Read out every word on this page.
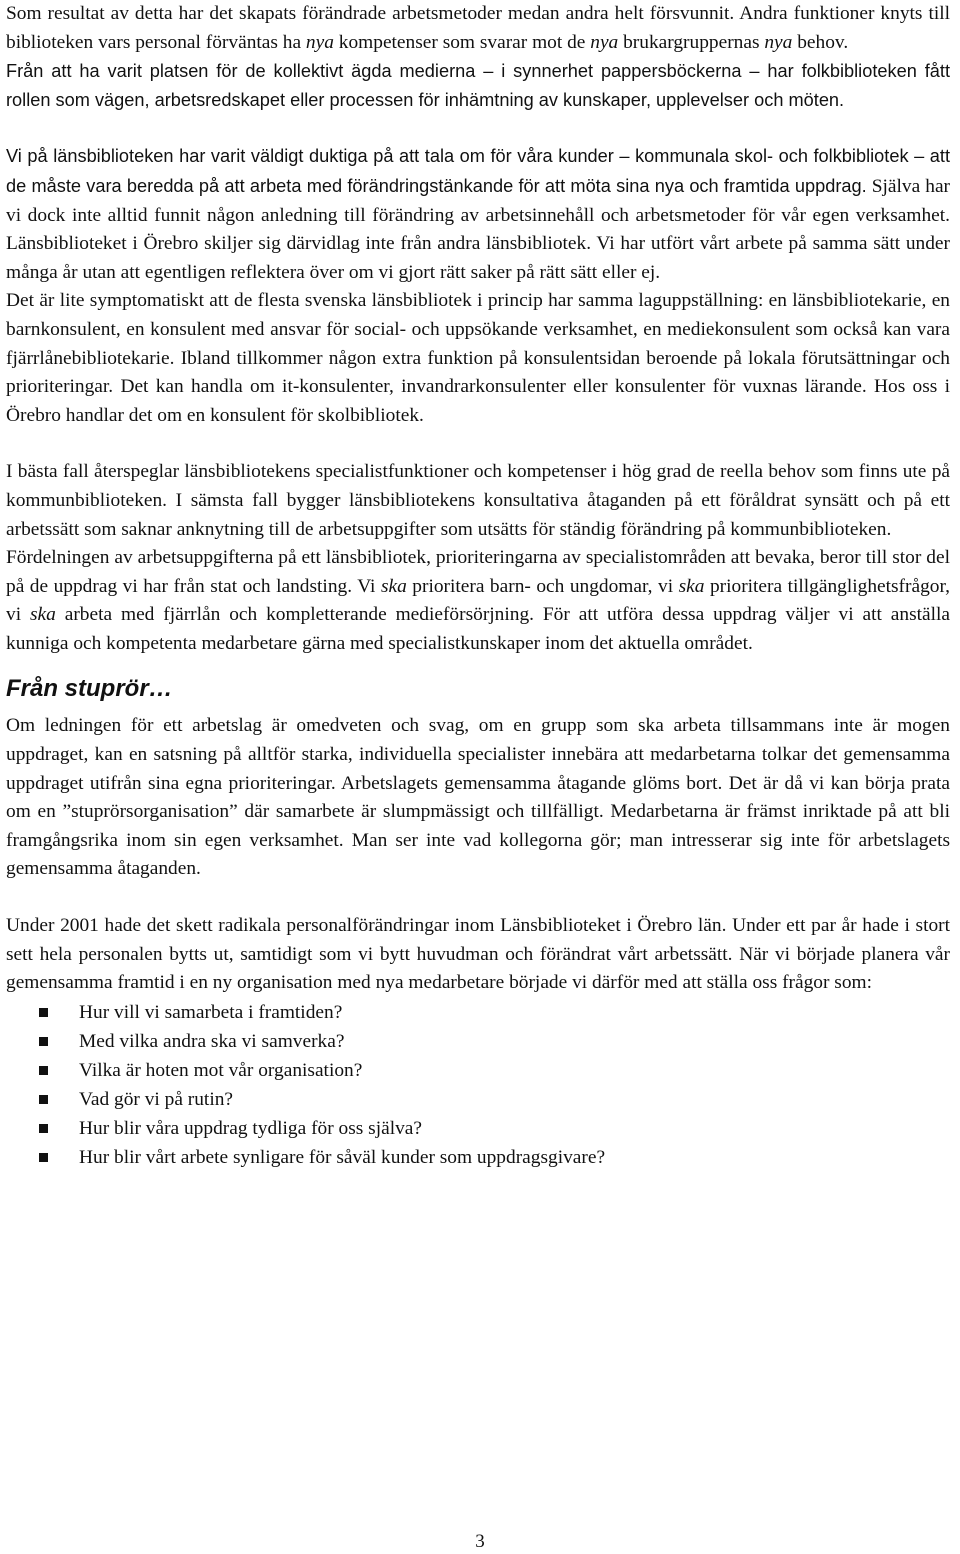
Som resultat av detta har det skapats förändrade arbetsmetoder medan andra helt försvunnit. Andra funktioner knyts till biblioteken vars personal förväntas ha nya kompetenser som svarar mot de nya brukargruppernas nya behov.

Från att ha varit platsen för de kollektivt ägda medierna – i synnerhet pappersböckerna – har folkbiblioteken fått rollen som vägen, arbetsredskapet eller processen för inhämtning av kunskaper, upplevelser och möten.

Vi på länsbiblioteken har varit väldigt duktiga på att tala om för våra kunder – kommunala skol- och folkbibliotek – att de måste vara beredda på att arbeta med förändringstänkande för att möta sina nya och framtida uppdrag. Själva har vi dock inte alltid funnit någon anledning till förändring av arbetsinnehåll och arbetsmetoder för vår egen verksamhet. Länsbiblioteket i Örebro skiljer sig därvidlag inte från andra länsbibliotek. Vi har utfört vårt arbete på samma sätt under många år utan att egentligen reflektera över om vi gjort rätt saker på rätt sätt eller ej.

Det är lite symptomatiskt att de flesta svenska länsbibliotek i princip har samma laguppställning: en länsbibliotekarie, en barnkonsulent, en konsulent med ansvar för social- och uppsökande verksamhet, en mediekonsulent som också kan vara fjärrlånebibliotekarie. Ibland tillkommer någon extra funktion på konsulentsidan beroende på lokala förutsättningar och prioriteringar. Det kan handla om it-konsulenter, invandrarkonsulenter eller konsulenter för vuxnas lärande. Hos oss i Örebro handlar det om en konsulent för skolbibliotek.

I bästa fall återspeglar länsbibliotekens specialistfunktioner och kompetenser i hög grad de reella behov som finns ute på kommunbiblioteken. I sämsta fall bygger länsbibliotekens konsultativa åtaganden på ett föråldrat synsätt och på ett arbetssätt som saknar anknytning till de arbetsuppgifter som utsätts för ständig förändring på kommunbiblioteken.

Fördelningen av arbetsuppgifterna på ett länsbibliotek, prioriteringarna av specialistområden att bevaka, beror till stor del på de uppdrag vi har från stat och landsting. Vi ska prioritera barn- och ungdomar, vi ska prioritera tillgänglighetsfrågor, vi ska arbeta med fjärrlån och kompletterande medieförsörjning. För att utföra dessa uppdrag väljer vi att anställa kunniga och kompetenta medarbetare gärna med specialistkunskaper inom det aktuella området.

Från stuprör…

Om ledningen för ett arbetslag är omedveten och svag, om en grupp som ska arbeta tillsammans inte är mogen uppdraget, kan en satsning på alltför starka, individuella specialister innebära att medarbetarna tolkar det gemensamma uppdraget utifrån sina egna prioriteringar. Arbetslagets gemensamma åtagande glöms bort. Det är då vi kan börja prata om en ”stuprörsorganisation” där samarbete är slumpmässigt och tillfälligt. Medarbetarna är främst inriktade på att bli framgångsrika inom sin egen verksamhet. Man ser inte vad kollegorna gör; man intresserar sig inte för arbetslagets gemensamma åtaganden.

Under 2001 hade det skett radikala personalförändringar inom Länsbiblioteket i Örebro län. Under ett par år hade i stort sett hela personalen bytts ut, samtidigt som vi bytt huvudman och förändrat vårt arbetssätt. När vi började planera vår gemensamma framtid i en ny organisation med nya medarbetare började vi därför med att ställa oss frågor som:

Hur vill vi samarbeta i framtiden?
Med vilka andra ska vi samverka?
Vilka är hoten mot vår organisation?
Vad gör vi på rutin?
Hur blir våra uppdrag tydliga för oss själva?
Hur blir vårt arbete synligare för såväl kunder som uppdragsgivare?
3
